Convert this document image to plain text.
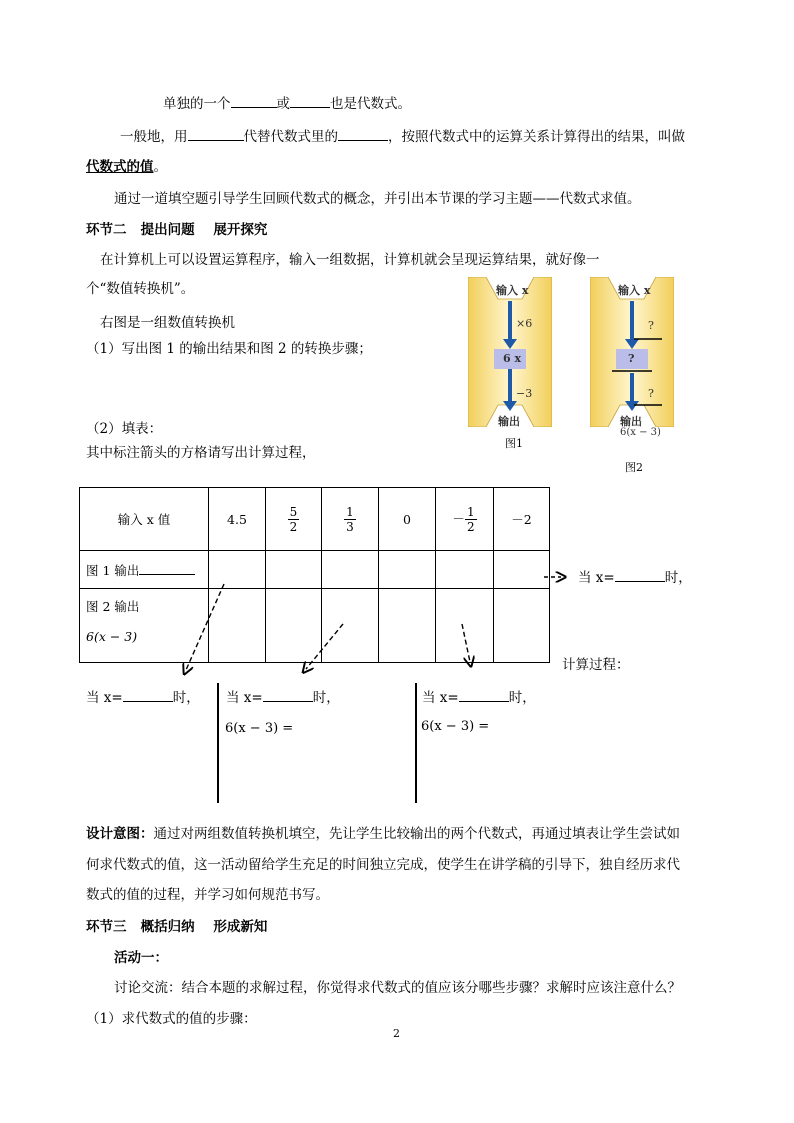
单独的一个	或	也是代数式。
一般地，用	代替代数式里的	，按照代数式中的运算关系计算得出的结果，叫做
代数式的值。
通过一道填空题引导学生回顾代数式的概念，并引出本节课的学习主题——代数式求值。
环节二 提出问题 展开探究
在计算机上可以设置运算程序，输入一组数据，计算机就会呈现运算结果，就好像一
个“数值转换机”。
右图是一组数值转换机
（1）写出图 1 的输出结果和图 2 的转换步骤；
（2）填表：
其中标注箭头的方格请写出计算过程，
输入 x
×6
6 x
−3
输出
图1
输入 x
?
?
?
输出
6(x − 3)
图2
输入 x 值	4.5	$\frac{5}{2}$	$\frac{1}{3}$	0	－ $\frac{1}{2}$	－2
图 1 输出						

图 2 输出
6(x − 3)						

当 x=	时，
计算过程：
当 x=	时， 当 x=	时，
6(x − 3) =
当 x=	时，
6(x − 3) =
设计意图：通过对两组数值转换机填空，先让学生比较输出的两个代数式，再通过填表让学生尝试如
何求代数式的值，这一活动留给学生充足的时间独立完成，使学生在讲学稿的引导下，独自经历求代
数式的值的过程，并学习如何规范书写。
环节三 概括归纳 形成新知
活动一：
讨论交流：结合本题的求解过程，你觉得求代数式的值应该分哪些步骤？求解时应该注意什么？
（1）求代数式的值的步骤：
2
